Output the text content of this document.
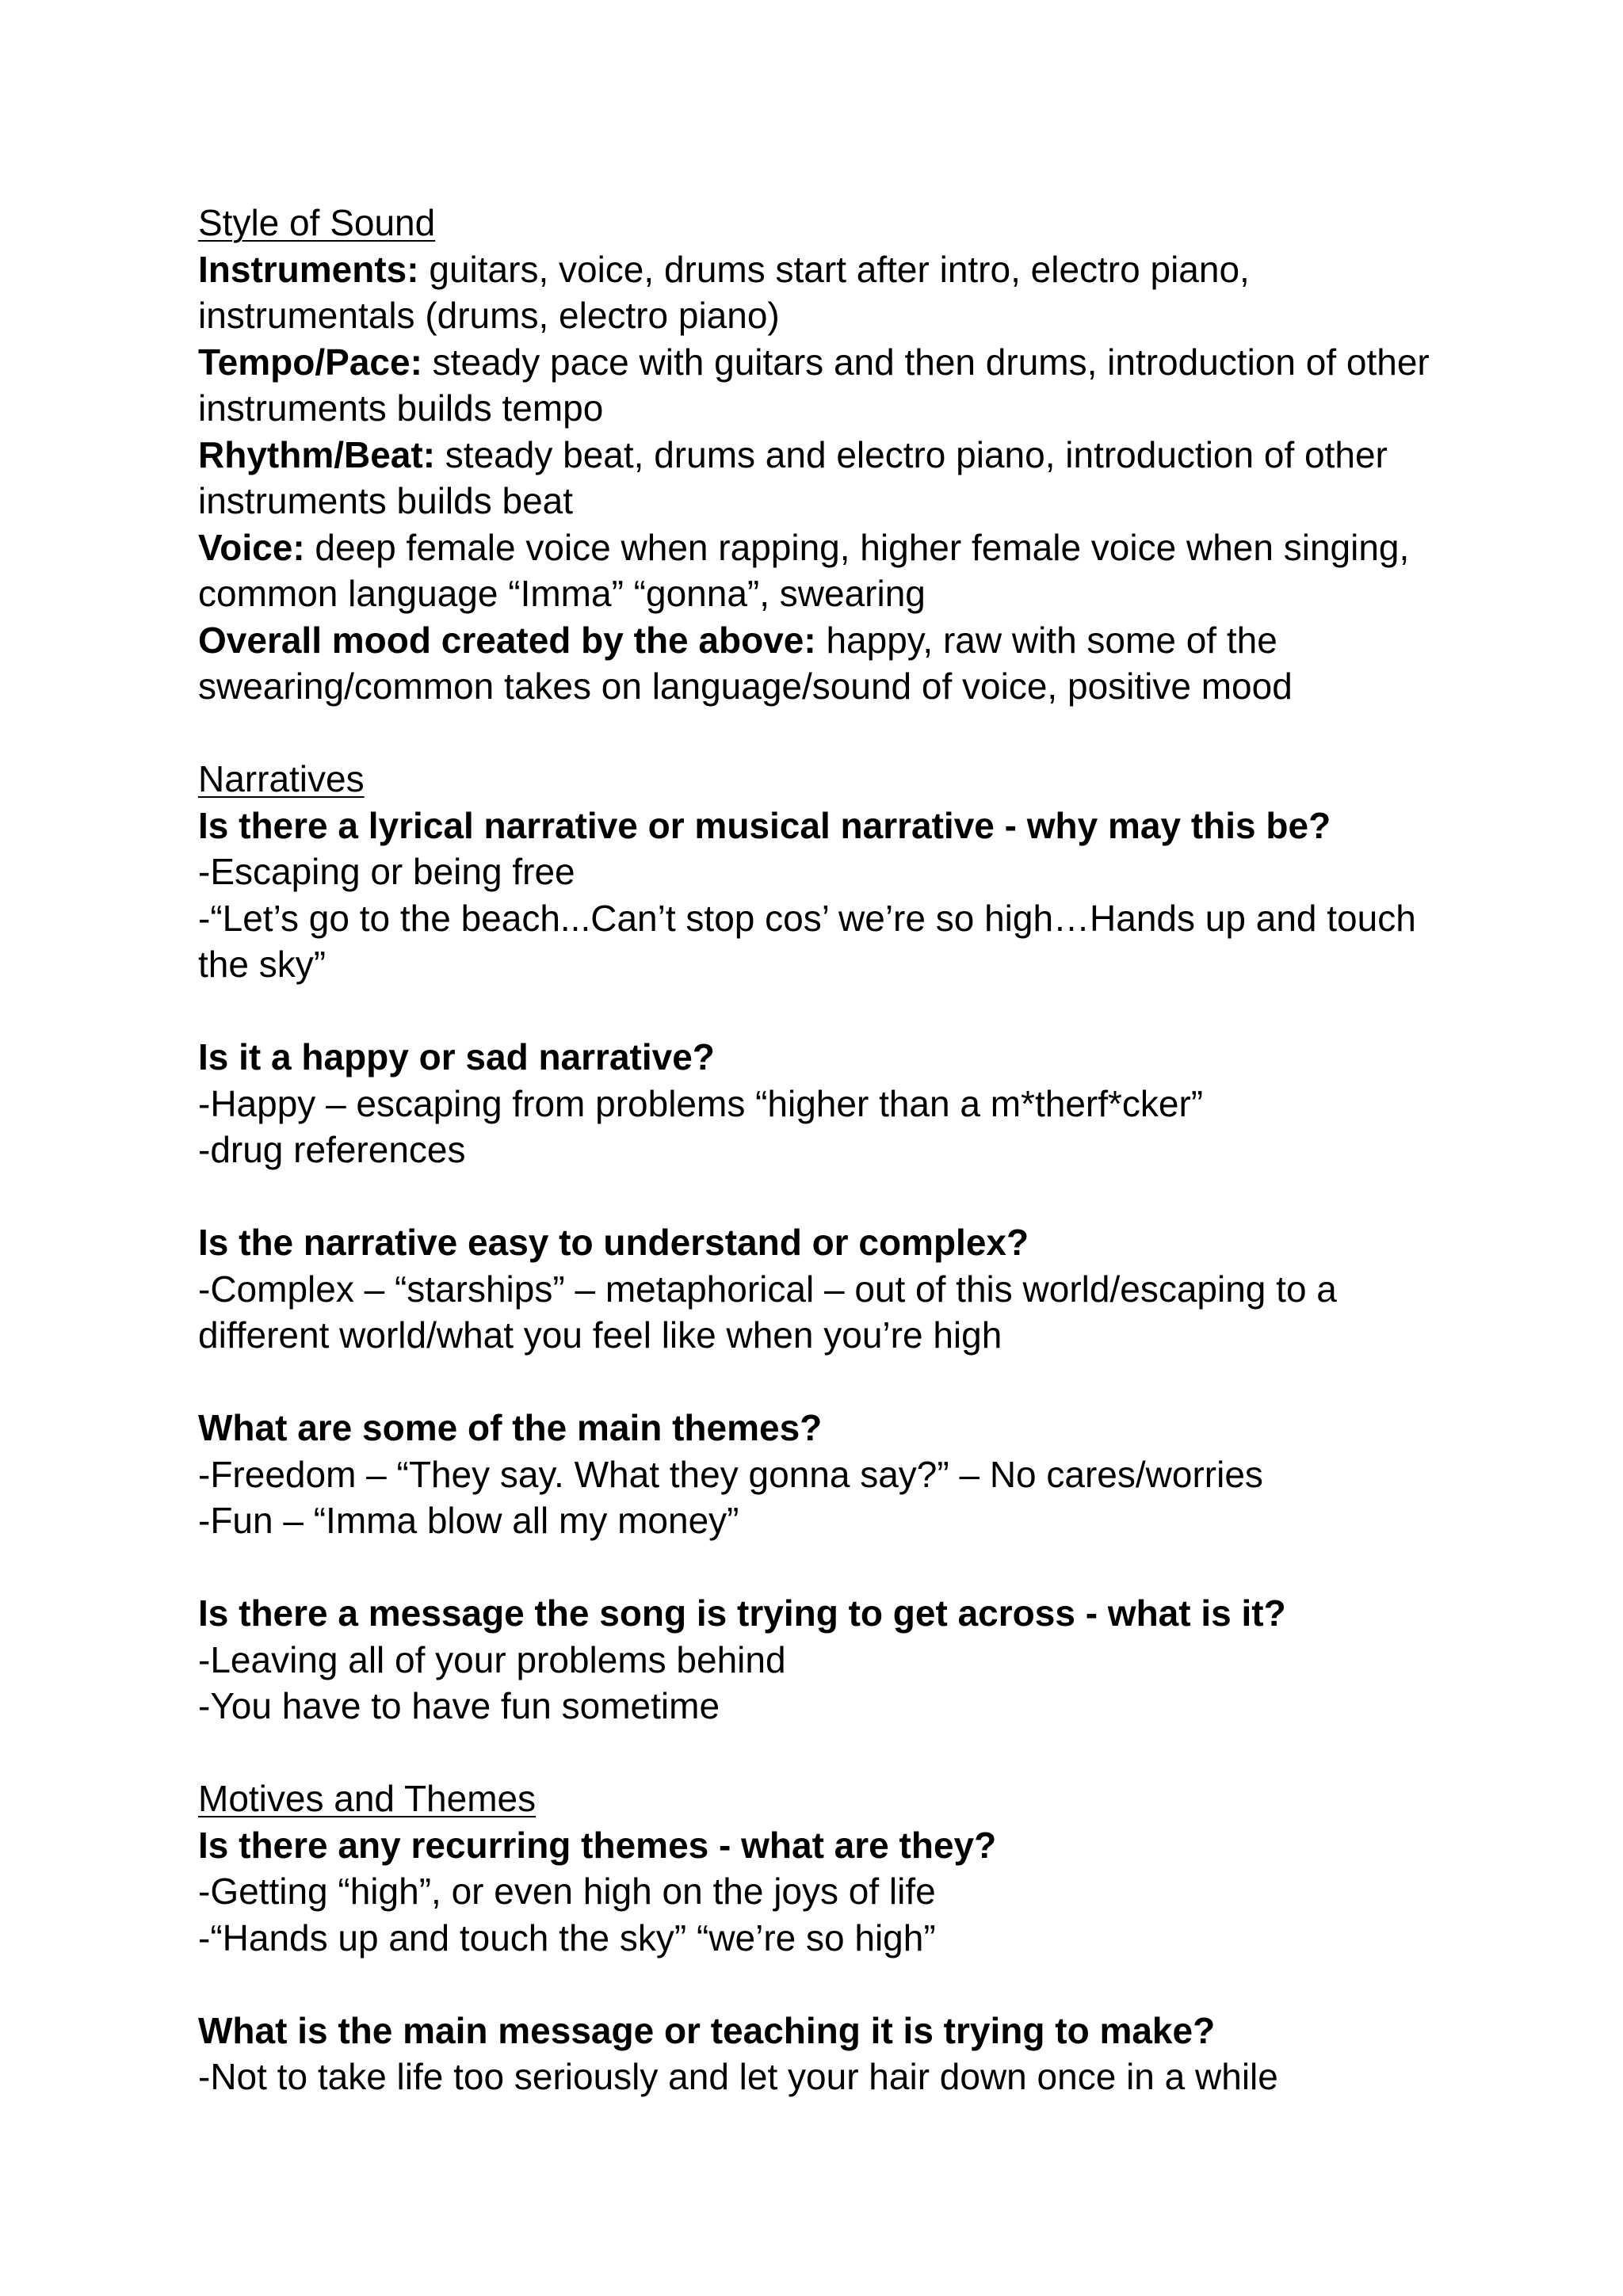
Style of Sound

Instruments: guitars, voice, drums start after intro, electro piano, instrumentals (drums, electro piano)

Tempo/Pace: steady pace with guitars and then drums, introduction of other instruments builds tempo

Rhythm/Beat: steady beat, drums and electro piano, introduction of other instruments builds beat

Voice: deep female voice when rapping, higher female voice when singing, common language “Imma” “gonna”, swearing

Overall mood created by the above: happy, raw with some of the swearing/common takes on language/sound of voice, positive mood

Narratives

Is there a lyrical narrative or musical narrative - why may this be?

-Escaping or being free

-“Let’s go to the beach...Can’t stop cos’ we’re so high…Hands up and touch the sky”

Is it a happy or sad narrative?

-Happy – escaping from problems “higher than a m*therf*cker”

-drug references

Is the narrative easy to understand or complex?

-Complex – “starships” – metaphorical – out of this world/escaping to a different world/what you feel like when you’re high

What are some of the main themes?

-Freedom – “They say. What they gonna say?” – No cares/worries

-Fun – “Imma blow all my money”

Is there a message the song is trying to get across - what is it?

-Leaving all of your problems behind

-You have to have fun sometime

Motives and Themes

Is there any recurring themes - what are they?

-Getting “high”, or even high on the joys of life

-“Hands up and touch the sky” “we’re so high”

What is the main message or teaching it is trying to make?

-Not to take life too seriously and let your hair down once in a while
